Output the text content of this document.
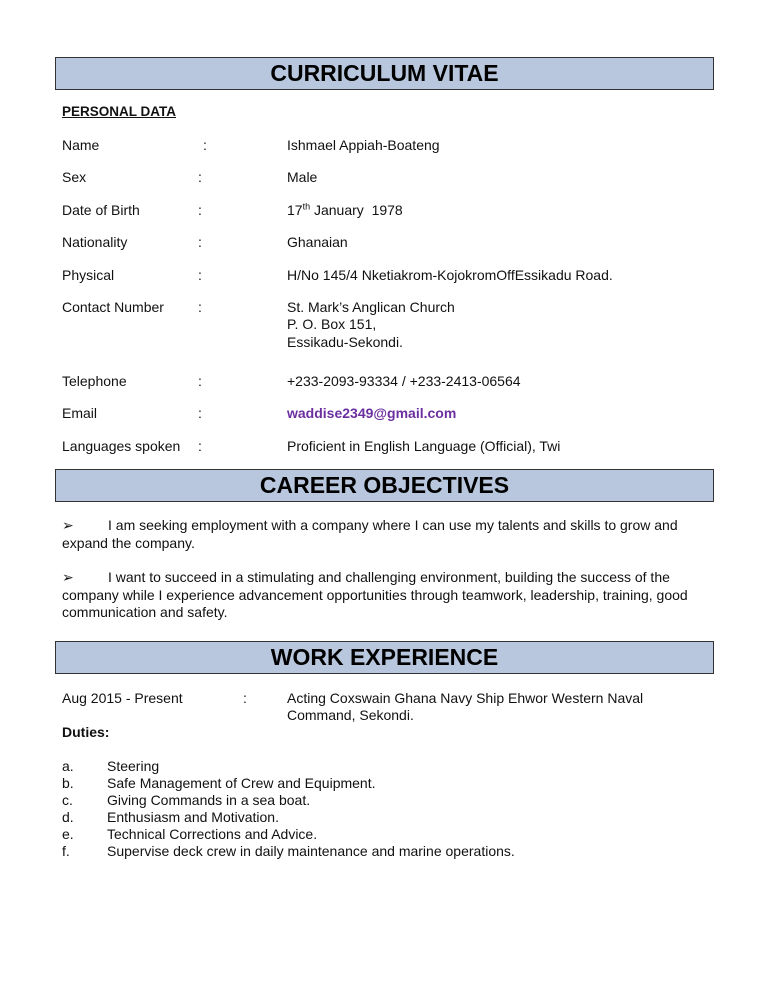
CURRICULUM VITAE
PERSONAL DATA
Name	:	Ishmael Appiah-Boateng
Sex	:	Male
Date of Birth	:	17th January  1978
Nationality	:	Ghanaian
Physical	:	H/No 145/4 Nketiakrom-KojokromOffEssikadu Road.
Contact Number :	St. Mark’s Anglican Church
P. O. Box 151,
Essikadu-Sekondi.
Telephone	:	+233-2093-93334 / +233-2413-06564
Email	:	waddise2349@gmail.com
Languages spoken :	Proficient in English Language (Official), Twi
CAREER OBJECTIVES
➢ I am seeking employment with a company where I can use my talents and skills to grow and expand the company.
➢ I want to succeed in a stimulating and challenging environment, building the success of the company while I experience advancement opportunities through teamwork, leadership, training, good communication and safety.
WORK EXPERIENCE
Aug 2015 - Present	:	Acting Coxswain Ghana Navy Ship Ehwor Western Naval
Command, Sekondi.
Duties:
a. Steering
b. Safe Management of Crew and Equipment.
c. Giving Commands in a sea boat.
d. Enthusiasm and Motivation.
e. Technical Corrections and Advice.
f.	Supervise deck crew in daily maintenance and marine operations.
